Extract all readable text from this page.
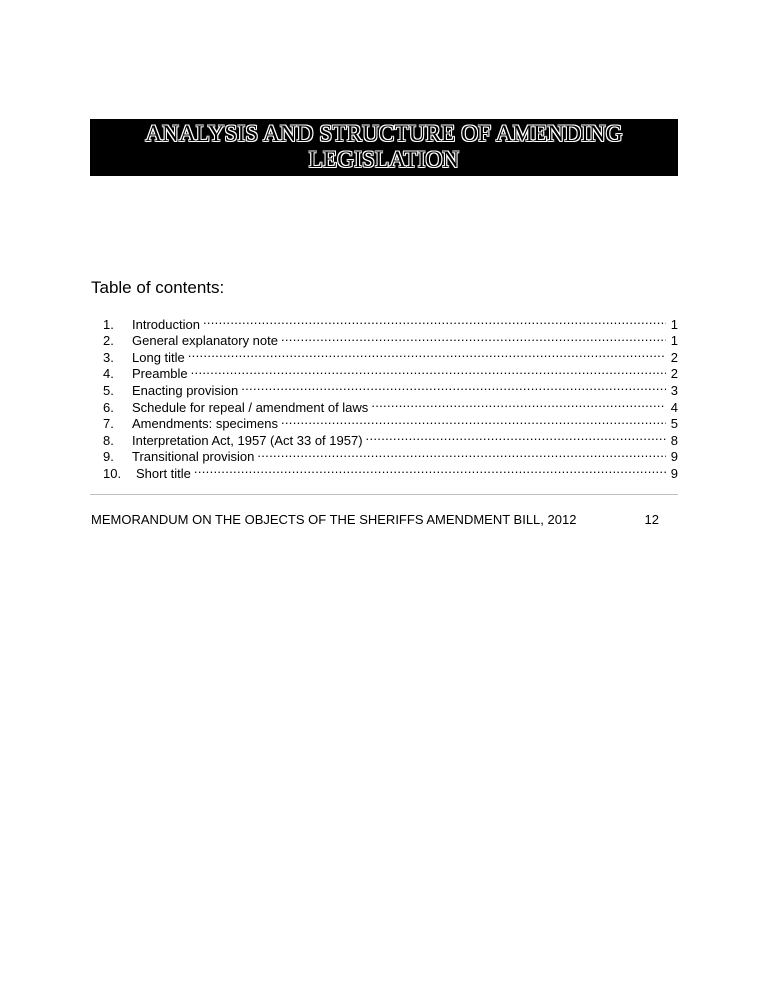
ANALYSIS AND STRUCTURE OF AMENDING
LEGISLATION
Table of contents:
1.	Introduction .....	1
2.	General explanatory note .....	1
3.	Long title .....	2
4.	Preamble .....	2
5.	Enacting provision .....	3
6.	Schedule for repeal / amendment of laws .....	4
7.	Amendments: specimens .....	5
8.	Interpretation Act, 1957 (Act 33 of 1957) .....	8
9.	Transitional provision .....	9
10.	Short title .....	9
MEMORANDUM ON THE OBJECTS OF THE SHERIFFS AMENDMENT BILL, 2012	12
